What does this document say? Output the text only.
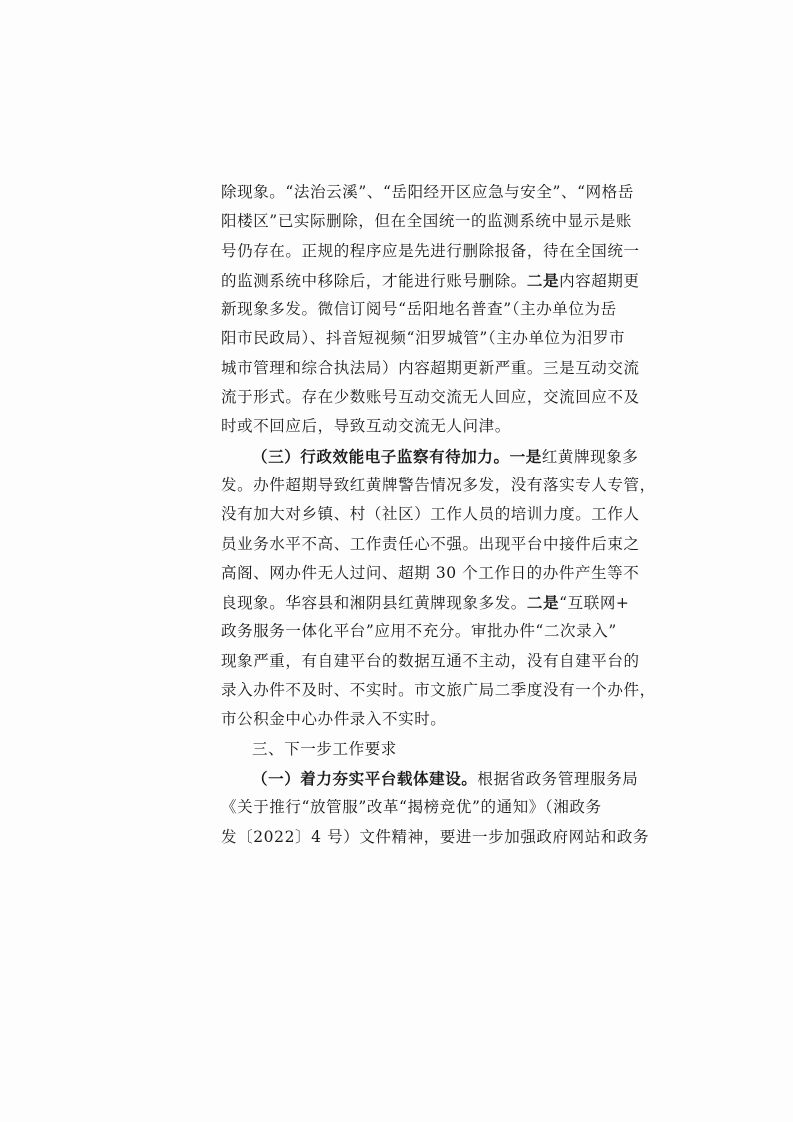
除现象。“法治云溪”、“岳阳经开区应急与安全”、“网格岳
阳楼区”已实际删除，但在全国统一的监测系统中显示是账
号仍存在。正规的程序应是先进行删除报备，待在全国统一
的监测系统中移除后，才能进行账号删除。二是内容超期更
新现象多发。微信订阅号“岳阳地名普查”（主办单位为岳
阳市民政局）、抖音短视频“汨罗城管”（主办单位为汨罗市
城市管理和综合执法局）内容超期更新严重。三是互动交流
流于形式。存在少数账号互动交流无人回应，交流回应不及
时或不回应后，导致互动交流无人问津。
（三）行政效能电子监察有待加力。一是红黄牌现象多
发。办件超期导致红黄牌警告情况多发，没有落实专人专管，
没有加大对乡镇、村（社区）工作人员的培训力度。工作人
员业务水平不高、工作责任心不强。出现平台中接件后束之
高阁、网办件无人过问、超期 30 个工作日的办件产生等不
良现象。华容县和湘阴县红黄牌现象多发。二是“互联网+
政务服务一体化平台”应用不充分。审批办件“二次录入”
现象严重，有自建平台的数据互通不主动，没有自建平台的
录入办件不及时、不实时。市文旅广局二季度没有一个办件，
市公积金中心办件录入不实时。
三、下一步工作要求
（一）着力夯实平台载体建设。根据省政务管理服务局
《关于推行“放管服”改革“揭榜竞优”的通知》（湘政务
发〔2022〕4 号）文件精神，要进一步加强政府网站和政务
